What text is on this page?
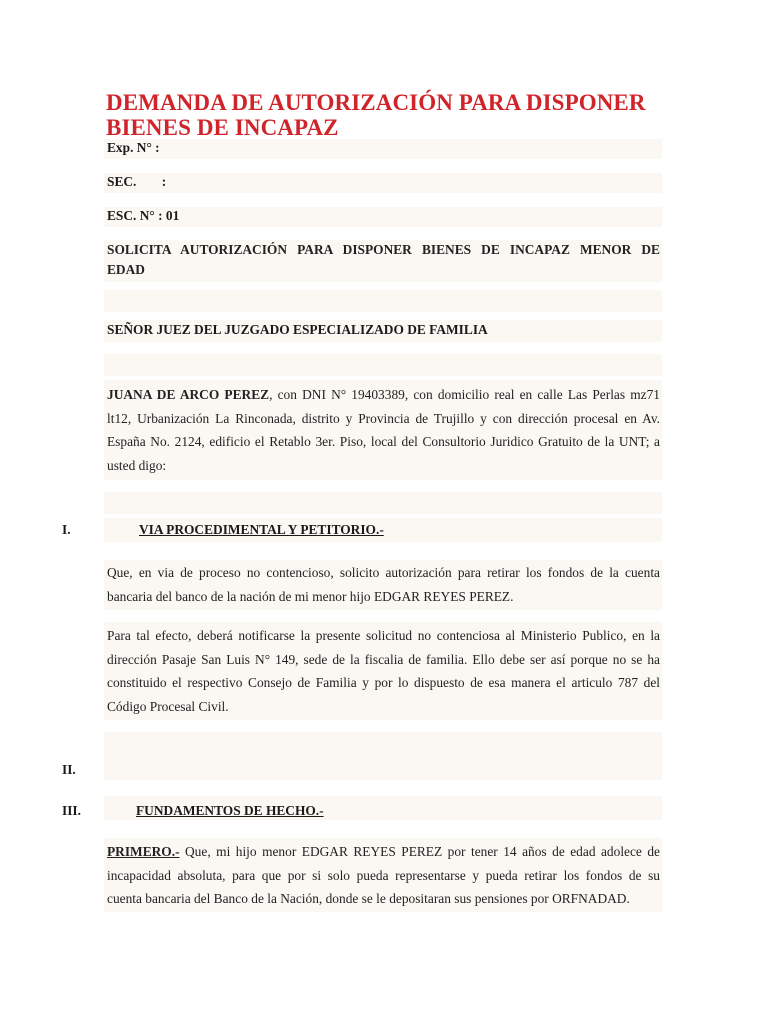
DEMANDA DE AUTORIZACIÓN PARA DISPONER BIENES DE INCAPAZ
Exp. N° :
SEC. :
ESC. N° : 01
SOLICITA AUTORIZACIÓN PARA DISPONER BIENES DE INCAPAZ MENOR DE
EDAD
SEÑOR JUEZ DEL JUZGADO ESPECIALIZADO DE FAMILIA
JUANA DE ARCO PEREZ, con DNI N° 19403389, con domicilio real en calle Las Perlas mz71
lt12, Urbanización La Rinconada, distrito y Provincia de Trujillo y con dirección procesal en Av.
España No. 2124, edificio el Retablo 3er. Piso, local del Consultorio Juridico Gratuito de la UNT; a
usted digo:
I.	VIA PROCEDIMENTAL Y PETITORIO.-
Que, en via de proceso no contencioso, solicito autorización para retirar los fondos de la cuenta
bancaria del banco de la nación de mi menor hijo EDGAR REYES PEREZ.
Para tal efecto, deberá notificarse la presente solicitud no contenciosa al Ministerio Publico, en la
dirección Pasaje San Luis N° 149, sede de la fiscalia de familia. Ello debe ser así porque no se ha
constituido el respectivo Consejo de Familia y por lo dispuesto de esa manera el articulo 787 del
Código Procesal Civil.
II.
III.	FUNDAMENTOS DE HECHO.-
PRIMERO.- Que, mi hijo menor EDGAR REYES PEREZ por tener 14 años de edad adolece de
incapacidad absoluta, para que por si solo pueda representarse y pueda retirar los fondos de su
cuenta bancaria del Banco de la Nación, donde se le depositaran sus pensiones por ORFNADAD.
